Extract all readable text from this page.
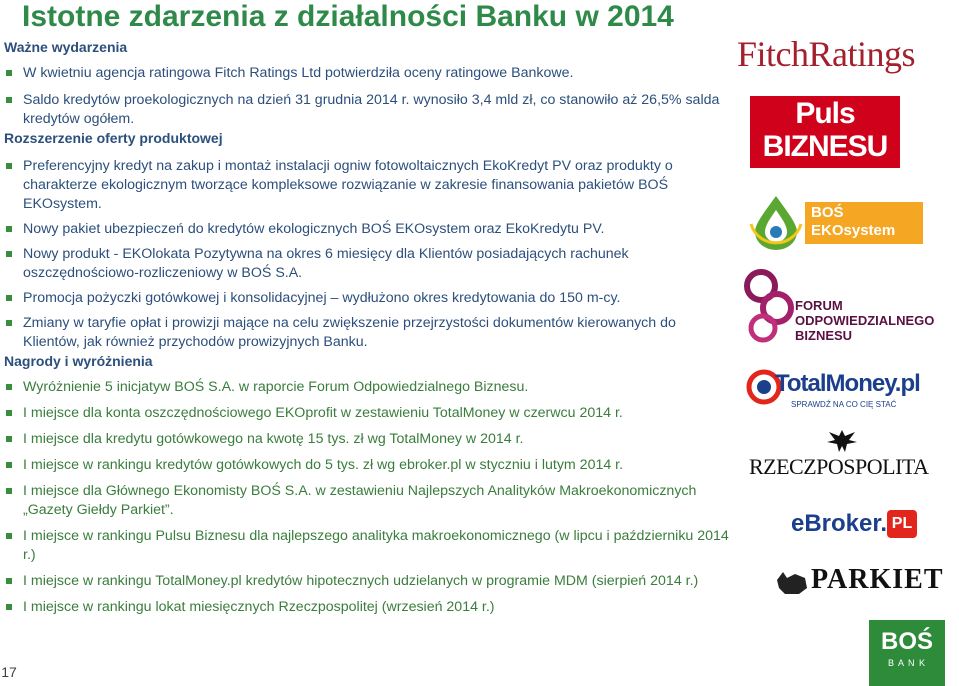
Istotne zdarzenia z działalności Banku w 2014
Ważne wydarzenia
W kwietniu agencja ratingowa Fitch Ratings Ltd potwierdziła oceny ratingowe Bankowe.
Saldo kredytów proekologicznych na dzień 31 grudnia 2014 r. wynosiło 3,4 mld zł, co stanowiło aż 26,5% salda kredytów ogółem.
Rozszerzenie oferty produktowej
Preferencyjny kredyt na zakup i montaż instalacji ogniw fotowoltaicznych EkoKredyt PV oraz produkty o charakterze ekologicznym tworzące kompleksowe rozwiązanie w zakresie finansowania pakietów BOŚ EKOsystem.
Nowy pakiet ubezpieczeń do kredytów ekologicznych BOŚ EKOsystem oraz EkoKredytu PV.
Nowy produkt - EKOlokata Pozytywna na okres 6 miesięcy dla Klientów posiadających rachunek oszczędnościowo-rozliczeniowy w BOŚ S.A.
Promocja pożyczki gotówkowej i konsolidacyjnej – wydłużono okres kredytowania do 150 m-cy.
Zmiany w taryfie opłat i prowizji mające na celu zwiększenie przejrzystości dokumentów kierowanych do Klientów, jak również przychodów prowizyjnych Banku.
Nagrody i wyróżnienia
Wyróżnienie 5 inicjatyw BOŚ S.A. w raporcie Forum Odpowiedzialnego Biznesu.
I miejsce dla konta oszczędnościowego EKOprofit w zestawieniu TotalMoney w czerwcu 2014 r.
I miejsce dla kredytu gotówkowego na kwotę 15 tys. zł wg TotalMoney w 2014 r.
I miejsce w rankingu kredytów gotówkowych do 5 tys. zł wg ebroker.pl w styczniu i lutym 2014 r.
I miejsce dla Głównego Ekonomisty BOŚ S.A. w zestawieniu Najlepszych Analityków Makroekonomicznych „Gazety Giełdy Parkiet”.
I miejsce w rankingu Pulsu Biznesu dla najlepszego analityka makroekonomicznego (w lipcu i październiku 2014 r.)
I miejsce w rankingu TotalMoney.pl kredytów hipotecznych udzielanych w programie MDM (sierpień 2014 r.)
I miejsce w rankingu lokat miesięcznych Rzeczpospolitej (wrzesień 2014 r.)
17
FitchRatings
Puls
BIZNESU
BOŚ
EKOsystem
FORUM
ODPOWIEDZIALNEGO
BIZNESU
TotalMoney.pl
SPRAWDŹ NA CO CIĘ STAĆ
RZECZPOSPOLITA
eBroker. PL
PARKIET
BOŚ
B A N K
